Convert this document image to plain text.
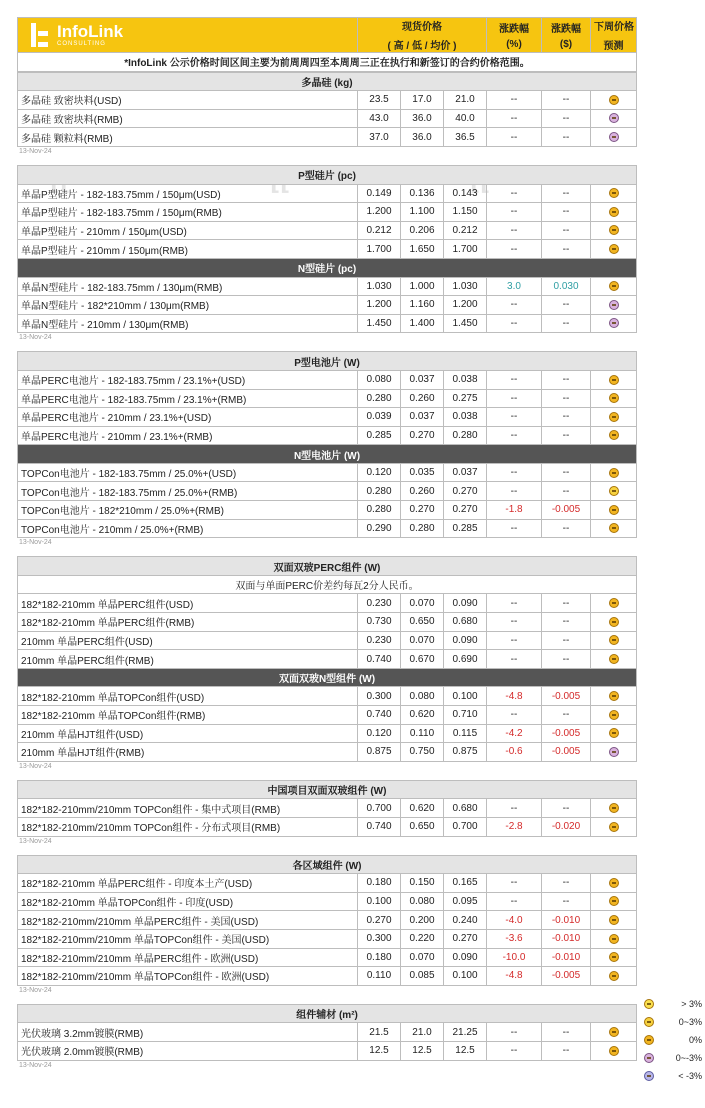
InfoLink
CONSULTING

现货价格
( 高 / 低 / 均价 )

涨跌幅
(%)

涨跌幅
($)

下周价格
预测

*InfoLink 公示价格时间区间主要为前周周四至本周周三正在执行和新签订的合约价格范围。
多晶硅 (kg)						
多晶硅 致密块料(USD)	23.5	17.0	21.0	--	--	
多晶硅 致密块料(RMB)	43.0	36.0	40.0	--	--	
多晶硅 颗粒料(RMB)	37.0	36.0	36.5	--	--	
13-Nov-24
P型硅片 (pc)						
单晶P型硅片 - 182-183.75mm / 150μm(USD)	0.149	0.136	0.143	--	--	
单晶P型硅片 - 182-183.75mm / 150μm(RMB)	1.200	1.100	1.150	--	--	
单晶P型硅片 - 210mm / 150μm(USD)	0.212	0.206	0.212	--	--	
单晶P型硅片 - 210mm / 150μm(RMB)	1.700	1.650	1.700	--	--	
N型硅片 (pc)						
单晶N型硅片 - 182-183.75mm / 130μm(RMB)	1.030	1.000	1.030	3.0	0.030	
单晶N型硅片 - 182*210mm / 130μm(RMB)	1.200	1.160	1.200	--	--	
单晶N型硅片 - 210mm / 130μm(RMB)	1.450	1.400	1.450	--	--	
13-Nov-24
P型电池片 (W)						
单晶PERC电池片 - 182-183.75mm / 23.1%+(USD)	0.080	0.037	0.038	--	--	
单晶PERC电池片 - 182-183.75mm / 23.1%+(RMB)	0.280	0.260	0.275	--	--	
单晶PERC电池片 - 210mm / 23.1%+(USD)	0.039	0.037	0.038	--	--	
单晶PERC电池片 - 210mm / 23.1%+(RMB)	0.285	0.270	0.280	--	--	
N型电池片 (W)						
TOPCon电池片 - 182-183.75mm / 25.0%+(USD)	0.120	0.035	0.037	--	--	
TOPCon电池片 - 182-183.75mm / 25.0%+(RMB)	0.280	0.260	0.270	--	--	
TOPCon电池片 - 182*210mm / 25.0%+(RMB)	0.280	0.270	0.270	-1.8	-0.005	
TOPCon电池片 - 210mm / 25.0%+(RMB)	0.290	0.280	0.285	--	--	
13-Nov-24
双面双玻PERC组件 (W)						
双面与单面PERC价差约每瓦2分人民币。						
182*182-210mm 单晶PERC组件(USD)	0.230	0.070	0.090	--	--	
182*182-210mm 单晶PERC组件(RMB)	0.730	0.650	0.680	--	--	
210mm 单晶PERC组件(USD)	0.230	0.070	0.090	--	--	
210mm 单晶PERC组件(RMB)	0.740	0.670	0.690	--	--	
双面双玻N型组件 (W)						
182*182-210mm 单晶TOPCon组件(USD)	0.300	0.080	0.100	-4.8	-0.005	
182*182-210mm 单晶TOPCon组件(RMB)	0.740	0.620	0.710	--	--	
210mm 单晶HJT组件(USD)	0.120	0.110	0.115	-4.2	-0.005	
210mm 单晶HJT组件(RMB)	0.875	0.750	0.875	-0.6	-0.005	
13-Nov-24
中国项目双面双玻组件 (W)						
182*182-210mm/210mm TOPCon组件 - 集中式项目(RMB)	0.700	0.620	0.680	--	--	
182*182-210mm/210mm TOPCon组件 - 分布式项目(RMB)	0.740	0.650	0.700	-2.8	-0.020	
13-Nov-24
各区域组件 (W)						
182*182-210mm 单晶PERC组件 - 印度本土产(USD)	0.180	0.150	0.165	--	--	
182*182-210mm 单晶TOPCon组件 - 印度(USD)	0.100	0.080	0.095	--	--	
182*182-210mm/210mm 单晶PERC组件 - 美国(USD)	0.270	0.200	0.240	-4.0	-0.010	
182*182-210mm/210mm 单晶TOPCon组件 - 美国(USD)	0.300	0.220	0.270	-3.6	-0.010	
182*182-210mm/210mm 单晶PERC组件 - 欧洲(USD)	0.180	0.070	0.090	-10.0	-0.010	
182*182-210mm/210mm 单晶TOPCon组件 - 欧洲(USD)	0.110	0.085	0.100	-4.8	-0.005	
13-Nov-24
组件辅材 (m²)						
光伏玻璃 3.2mm镀膜(RMB)	21.5	21.0	21.25	--	--	
光伏玻璃 2.0mm镀膜(RMB)	12.5	12.5	12.5	--	--	
13-Nov-24
> 3%
0~3%
0%
0~-3%
< -3%
